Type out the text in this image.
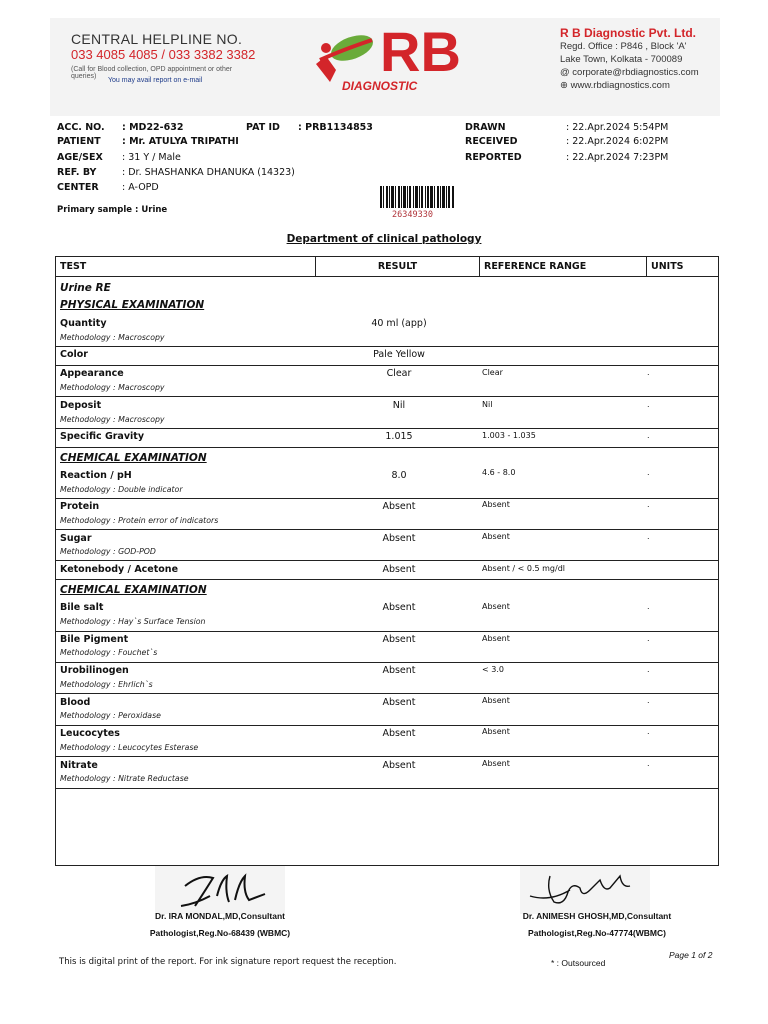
CENTRAL HELPLINE NO.
033 4085 4085 / 033 3382 3382
(Call for Blood collection, OPD appointment or other queries)
You may avail report on e-mail	RB
DIAGNOSTIC
R B Diagnostic Pvt. Ltd.
Regd. Office : P846 , Block 'A'
Lake Town, Kolkata - 700089
@ corporate@rbdiagnostics.com
⊕ www.rbdiagnostics.com
ACC. NO. : MD22-632	PAT ID : PRB1134853
PATIENT : Mr. ATULYA TRIPATHI
AGE/SEX : 31 Y / Male
REF. BY	: Dr. SHASHANKA DHANUKA (14323)
CENTER : A-OPD
Primary sample : Urine
DRAWN	: 22.Apr.2024 5:54PM
RECEIVED	: 22.Apr.2024 6:02PM
REPORTED	: 22.Apr.2024 7:23PM
26349330
Department of clinical pathology
TEST	RESULT	REFERENCE RANGE	UNITS
Urine RE
PHYSICAL EXAMINATION
Quantity
Methodology : Macroscopy
40 ml (app)
Color	Pale Yellow
Appearance
Methodology : Macroscopy
Clear	Clear	.
Deposit
Methodology : Macroscopy
Nil	Nil	.
Specific Gravity	1.015	1.003 - 1.035	.
CHEMICAL EXAMINATION
Reaction / pH
Methodology : Double indicator
8.0	4.6 - 8.0	.
Protein
Methodology : Protein error of indicators
Absent	Absent	.
Sugar
Methodology : GOD-POD
Absent	Absent	.
Ketonebody / Acetone	Absent	Absent / < 0.5 mg/dl
CHEMICAL EXAMINATION
Bile salt
Methodology : Hay`s Surface Tension
Absent	Absent	.
Bile Pigment
Methodology : Fouchet`s
Absent	Absent	.
Urobilinogen
Methodology : Ehrlich`s
Absent	< 3.0	.
Blood
Methodology : Peroxidase
Absent	Absent	.
Leucocytes
Methodology : Leucocytes Esterase
Absent	Absent	.
Nitrate
Methodology : Nitrate Reductase
Absent	Absent	.
Dr. IRA MONDAL,MD,Consultant
Pathologist,Reg.No-68439 (WBMC)
Dr. ANIMESH GHOSH,MD,Consultant
Pathologist,Reg.No-47774(WBMC)
This is digital print of the report. For ink signature report request the reception.	* : Outsourced
Page 1 of 2
